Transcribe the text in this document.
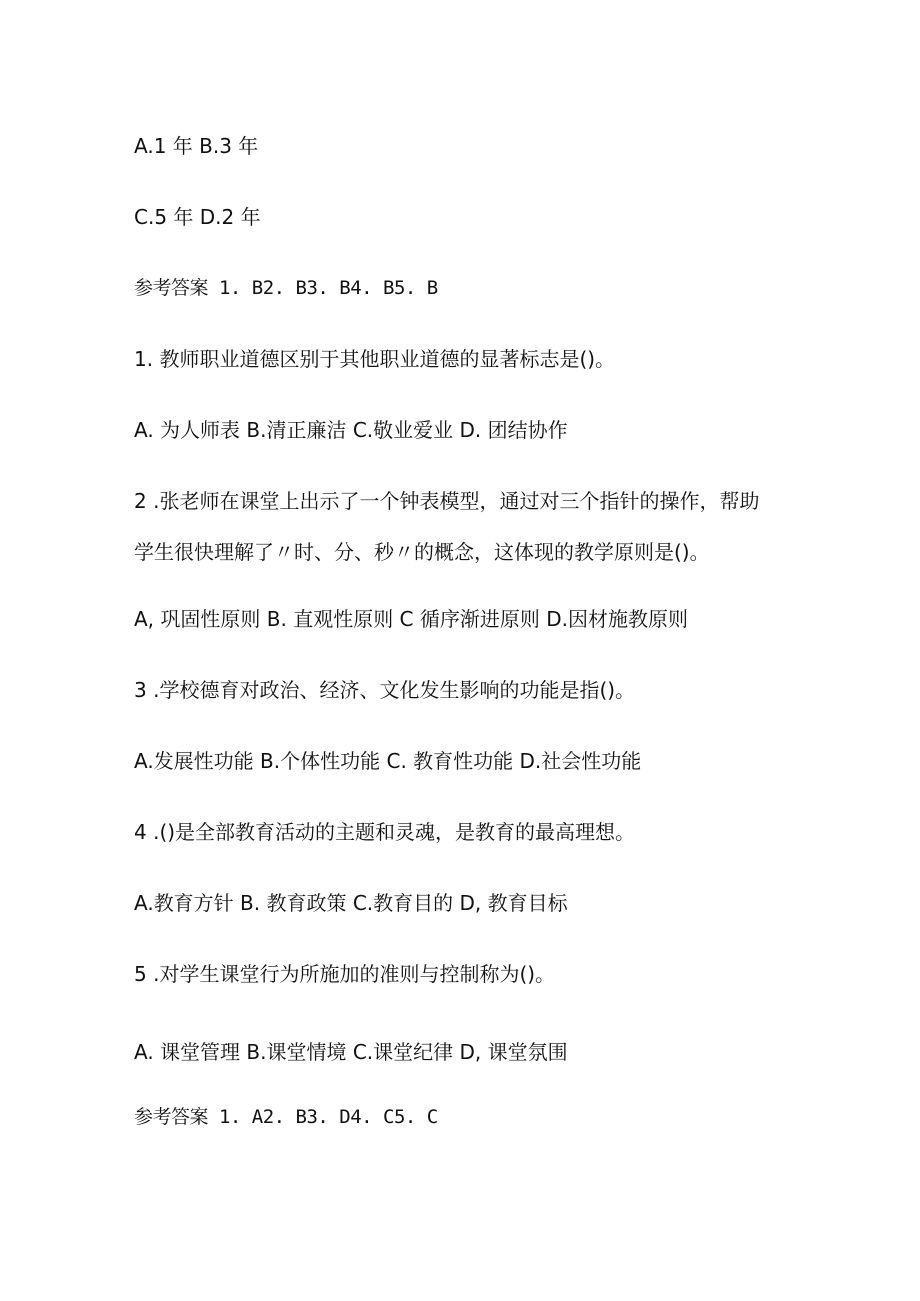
A.1 年 B.3 年

C.5 年 D.2 年

参考答案 1. B2. B3. B4. B5. B

1. 教师职业道德区别于其他职业道德的显著标志是()。

A. 为人师表 B.清正廉洁 C.敬业爱业 D. 团结协作

2 .张老师在课堂上出示了一个钟表模型，通过对三个指针的操作，帮助

学生很快理解了〃时、分、秒〃的概念，这体现的教学原则是()。

A, 巩固性原则 B. 直观性原则 C 循序渐进原则 D.因材施教原则

3 .学校德育对政治、经济、文化发生影响的功能是指()。

A.发展性功能 B.个体性功能 C. 教育性功能 D.社会性功能

4 .()是全部教育活动的主题和灵魂，是教育的最高理想。

A.教育方针 B. 教育政策 C.教育目的 D, 教育目标

5 .对学生课堂行为所施加的准则与控制称为()。

A. 课堂管理 B.课堂情境 C.课堂纪律 D, 课堂氛围

参考答案 1. A2. B3. D4. C5. C
